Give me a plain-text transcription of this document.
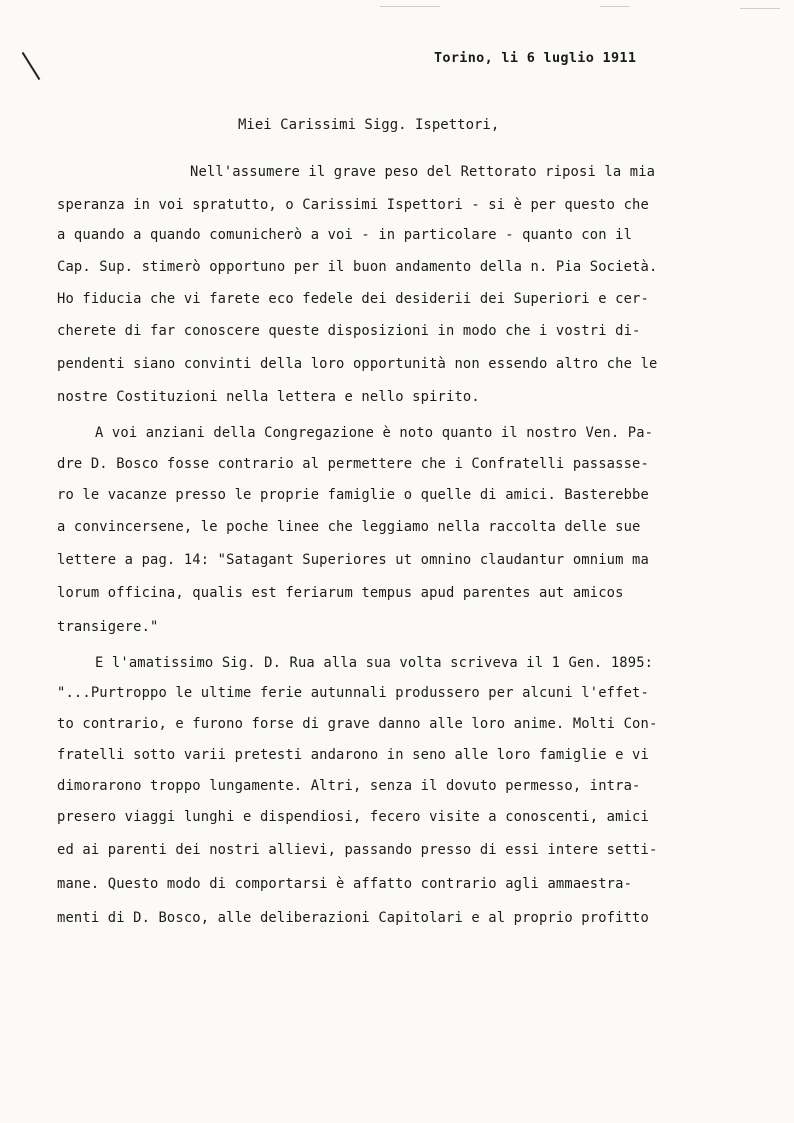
Torino, li 6 luglio 1911
Miei Carissimi Sigg. Ispettori,
Nell'assumere il grave peso del Rettorato riposi la mia
speranza in voi spratutto, o Carissimi Ispettori - si è per questo che
a quando a quando comunicherò a voi - in particolare - quanto con il
Cap. Sup. stimerò opportuno per il buon andamento della n. Pia Società.
Ho fiducia che vi farete eco fedele dei desiderii dei Superiori e cer-
cherete di far conoscere queste disposizioni in modo che i vostri di-
pendenti siano convinti della loro opportunità non essendo altro che le
nostre Costituzioni nella lettera e nello spirito.
A voi anziani della Congregazione è noto quanto il nostro Ven. Pa-
dre D. Bosco fosse contrario al permettere che i Confratelli passasse-
ro le vacanze presso le proprie famiglie o quelle di amici. Basterebbe
a convincersene, le poche linee che leggiamo nella raccolta delle sue
lettere a pag. 14: "Satagant Superiores ut omnino claudantur omnium ma
lorum officina, qualis est feriarum tempus apud parentes aut amicos
transigere."
E l'amatissimo Sig. D. Rua alla sua volta scriveva il 1 Gen. 1895:
"...Purtroppo le ultime ferie autunnali produssero per alcuni l'effet-
to contrario, e furono forse di grave danno alle loro anime. Molti Con-
fratelli sotto varii pretesti andarono in seno alle loro famiglie e vi
dimorarono troppo lungamente. Altri, senza il dovuto permesso, intra-
presero viaggi lunghi e dispendiosi, fecero visite a conoscenti, amici
ed ai parenti dei nostri allievi, passando presso di essi intere setti-
mane. Questo modo di comportarsi è affatto contrario agli ammaestra-
menti di D. Bosco, alle deliberazioni Capitolari e al proprio profitto
